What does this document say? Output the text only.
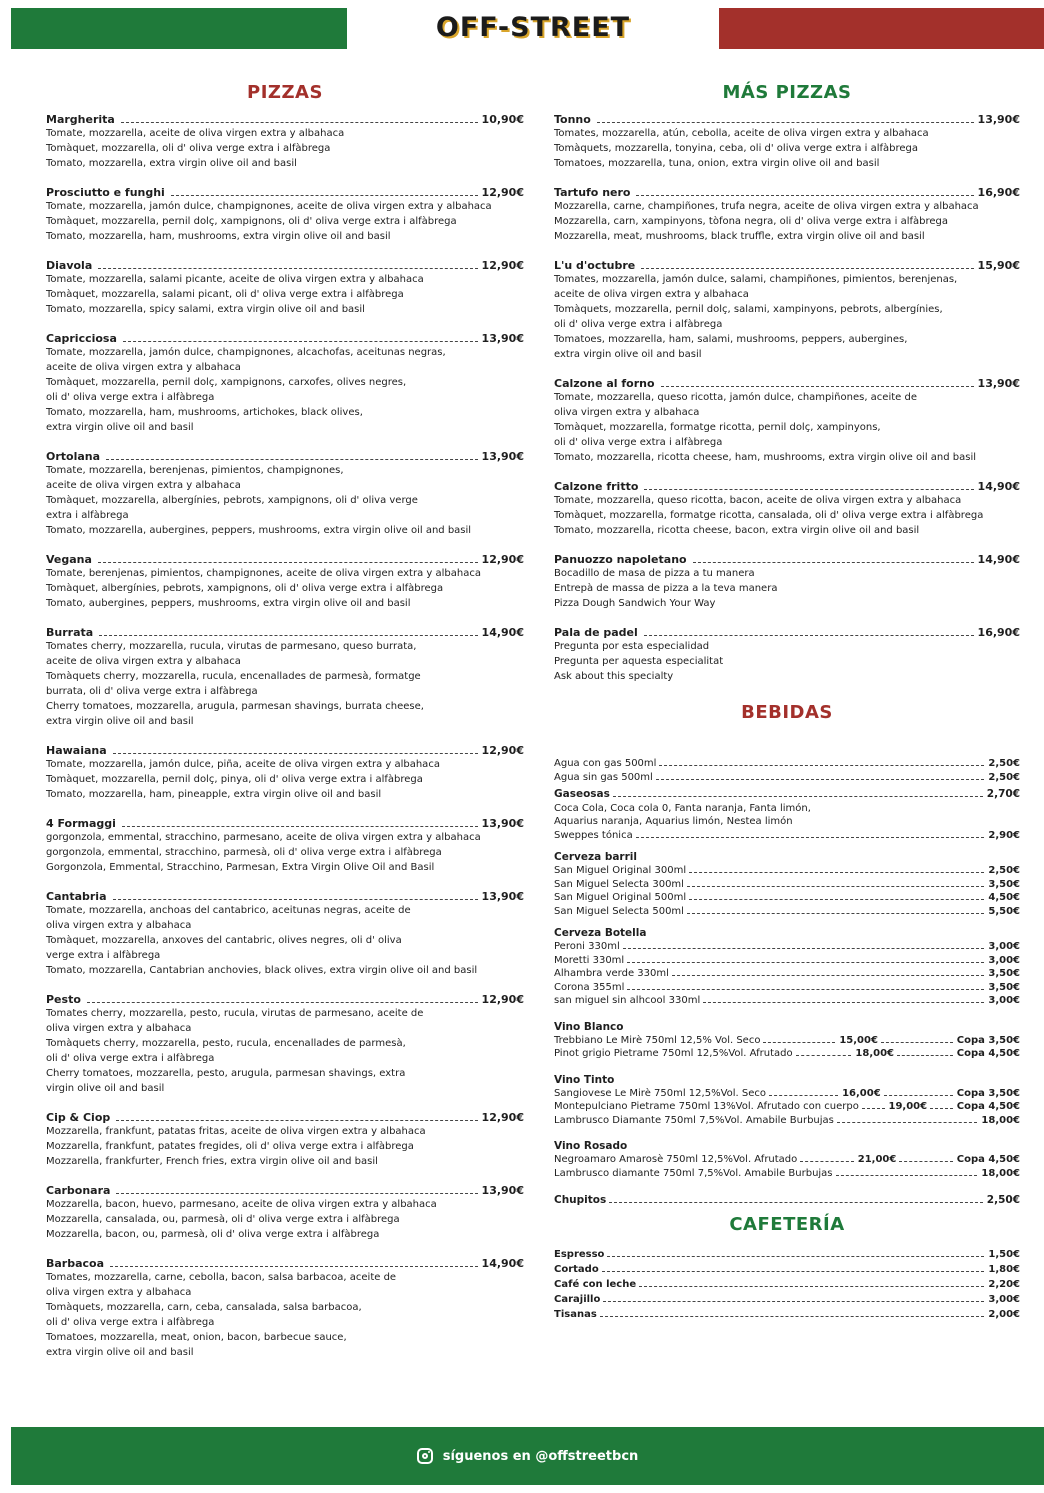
OFF-STREET
PIZZAS
Margherita	10,90€
Tomate, mozzarella, aceite de oliva virgen extra y albahaca
Tomàquet, mozzarella, oli d' oliva verge extra i alfàbrega
Tomato, mozzarella, extra virgin olive oil and basil
Prosciutto e funghi	12,90€
Tomate, mozzarella, jamón dulce, champignones, aceite de oliva virgen extra y albahaca
Tomàquet, mozzarella, pernil dolç, xampignons, oli d' oliva verge extra i alfàbrega
Tomato, mozzarella, ham, mushrooms, extra virgin olive oil and basil
Diavola	12,90€
Tomate, mozzarella, salami picante, aceite de oliva virgen extra y albahaca
Tomàquet, mozzarella, salami picant, oli d' oliva verge extra i alfàbrega
Tomato, mozzarella, spicy salami, extra virgin olive oil and basil
Capricciosa	13,90€
Tomate, mozzarella, jamón dulce, champignones, alcachofas, aceitunas negras,
aceite de oliva virgen extra y albahaca
Tomàquet, mozzarella, pernil dolç, xampignons, carxofes, olives negres,
oli d' oliva verge extra i alfàbrega
Tomato, mozzarella, ham, mushrooms, artichokes, black olives,
extra virgin olive oil and basil
Ortolana	13,90€
Tomate, mozzarella, berenjenas, pimientos, champignones,
aceite de oliva virgen extra y albahaca
Tomàquet, mozzarella, albergínies, pebrots, xampignons, oli d' oliva verge
extra i alfàbrega
Tomato, mozzarella, aubergines, peppers, mushrooms, extra virgin olive oil and basil
Vegana	12,90€
Tomate, berenjenas, pimientos, champignones, aceite de oliva virgen extra y albahaca
Tomàquet, albergínies, pebrots, xampignons, oli d' oliva verge extra i alfàbrega
Tomato, aubergines, peppers, mushrooms, extra virgin olive oil and basil
Burrata	14,90€
Tomates cherry, mozzarella, rucula, virutas de parmesano, queso burrata,
aceite de oliva virgen extra y albahaca
Tomàquets cherry, mozzarella, rucula, encenallades de parmesà, formatge
burrata, oli d' oliva verge extra i alfàbrega
Cherry tomatoes, mozzarella, arugula, parmesan shavings, burrata cheese,
extra virgin olive oil and basil
Hawaiana	12,90€
Tomate, mozzarella, jamón dulce, piña, aceite de oliva virgen extra y albahaca
Tomàquet, mozzarella, pernil dolç, pinya, oli d' oliva verge extra i alfàbrega
Tomato, mozzarella, ham, pineapple, extra virgin olive oil and basil
4 Formaggi	13,90€
gorgonzola, emmental, stracchino, parmesano, aceite de oliva virgen extra y albahaca
gorgonzola, emmental, stracchino, parmesà, oli d' oliva verge extra i alfàbrega
Gorgonzola, Emmental, Stracchino, Parmesan, Extra Virgin Olive Oil and Basil
Cantabria	13,90€
Tomate, mozzarella, anchoas del cantabrico, aceitunas negras, aceite de
oliva virgen extra y albahaca
Tomàquet, mozzarella, anxoves del cantabric, olives negres, oli d' oliva
verge extra i alfàbrega
Tomato, mozzarella, Cantabrian anchovies, black olives, extra virgin olive oil and basil
Pesto	12,90€
Tomates cherry, mozzarella, pesto, rucula, virutas de parmesano, aceite de
oliva virgen extra y albahaca
Tomàquets cherry, mozzarella, pesto, rucula, encenallades de parmesà,
oli d' oliva verge extra i alfàbrega
Cherry tomatoes, mozzarella, pesto, arugula, parmesan shavings, extra
virgin olive oil and basil
Cip & Ciop	12,90€
Mozzarella, frankfunt, patatas fritas, aceite de oliva virgen extra y albahaca
Mozzarella, frankfunt, patates fregides, oli d' oliva verge extra i alfàbrega
Mozzarella, frankfurter, French fries, extra virgin olive oil and basil
Carbonara	13,90€
Mozzarella, bacon, huevo, parmesano, aceite de oliva virgen extra y albahaca
Mozzarella, cansalada, ou, parmesà, oli d' oliva verge extra i alfàbrega
Mozzarella, bacon, ou, parmesà, oli d' oliva verge extra i alfàbrega
Barbacoa	14,90€
Tomates, mozzarella, carne, cebolla, bacon, salsa barbacoa, aceite de
oliva virgen extra y albahaca
Tomàquets, mozzarella, carn, ceba, cansalada, salsa barbacoa,
oli d' oliva verge extra i alfàbrega
Tomatoes, mozzarella, meat, onion, bacon, barbecue sauce,
extra virgin olive oil and basil
MÁS PIZZAS
Tonno	13,90€
Tomates, mozzarella, atún, cebolla, aceite de oliva virgen extra y albahaca
Tomàquets, mozzarella, tonyina, ceba, oli d' oliva verge extra i alfàbrega
Tomatoes, mozzarella, tuna, onion, extra virgin olive oil and basil
Tartufo nero	16,90€
Mozzarella, carne, champiñones, trufa negra, aceite de oliva virgen extra y albahaca
Mozzarella, carn, xampinyons, tòfona negra, oli d' oliva verge extra i alfàbrega
Mozzarella, meat, mushrooms, black truffle, extra virgin olive oil and basil
L'u d'octubre	15,90€
Tomates, mozzarella, jamón dulce, salami, champiñones, pimientos, berenjenas,
aceite de oliva virgen extra y albahaca
Tomàquets, mozzarella, pernil dolç, salami, xampinyons, pebrots, albergínies,
oli d' oliva verge extra i alfàbrega
Tomatoes, mozzarella, ham, salami, mushrooms, peppers, aubergines,
extra virgin olive oil and basil
Calzone al forno	13,90€
Tomate, mozzarella, queso ricotta, jamón dulce, champiñones, aceite de
oliva virgen extra y albahaca
Tomàquet, mozzarella, formatge ricotta, pernil dolç, xampinyons,
oli d' oliva verge extra i alfàbrega
Tomato, mozzarella, ricotta cheese, ham, mushrooms, extra virgin olive oil and basil
Calzone fritto	14,90€
Tomate, mozzarella, queso ricotta, bacon, aceite de oliva virgen extra y albahaca
Tomàquet, mozzarella, formatge ricotta, cansalada, oli d' oliva verge extra i alfàbrega
Tomato, mozzarella, ricotta cheese, bacon, extra virgin olive oil and basil
Panuozzo napoletano	14,90€
Bocadillo de masa de pizza a tu manera
Entrepà de massa de pizza a la teva manera
Pizza Dough Sandwich Your Way
Pala de padel	16,90€
Pregunta por esta especialidad
Pregunta per aquesta especialitat
Ask about this specialty
BEBIDAS
Agua con gas 500ml	2,50€
Agua sin gas 500ml	2,50€
Gaseosas	2,70€
Coca Cola, Coca cola 0, Fanta naranja, Fanta limón,
Aquarius naranja, Aquarius limón, Nestea limón
Sweppes tónica	2,90€
Cerveza barril
San Miguel Original 300ml	2,50€
San Miguel Selecta 300ml	3,50€
San Miguel Original 500ml	4,50€
San Miguel Selecta 500ml	5,50€
Cerveza Botella
Peroni 330ml	3,00€
Moretti 330ml	3,00€
Alhambra verde 330ml	3,50€
Corona 355ml	3,50€
san miguel sin alhcool 330ml	3,00€
Vino Blanco
Trebbiano Le Mirè 750ml 12,5% Vol. Seco	15,00€	Copa 3,50€
Pinot grigio Pietrame 750ml 12,5%Vol. Afrutado	18,00€	Copa 4,50€
Vino Tinto
Sangiovese Le Mirè 750ml 12,5%Vol. Seco	16,00€	Copa 3,50€
Montepulciano Pietrame 750ml 13%Vol. Afrutado con cuerpo	19,00€	Copa 4,50€
Lambrusco Diamante 750ml 7,5%Vol. Amabile Burbujas	18,00€
Vino Rosado
Negroamaro Amarosè 750ml 12,5%Vol. Afrutado	21,00€	Copa 4,50€
Lambrusco diamante 750ml 7,5%Vol. Amabile Burbujas	18,00€
Chupitos	2,50€
CAFETERÍA
Espresso	1,50€
Cortado	1,80€
Café con leche	2,20€
Carajillo	3,00€
Tisanas	2,00€
síguenos en @offstreetbcn
